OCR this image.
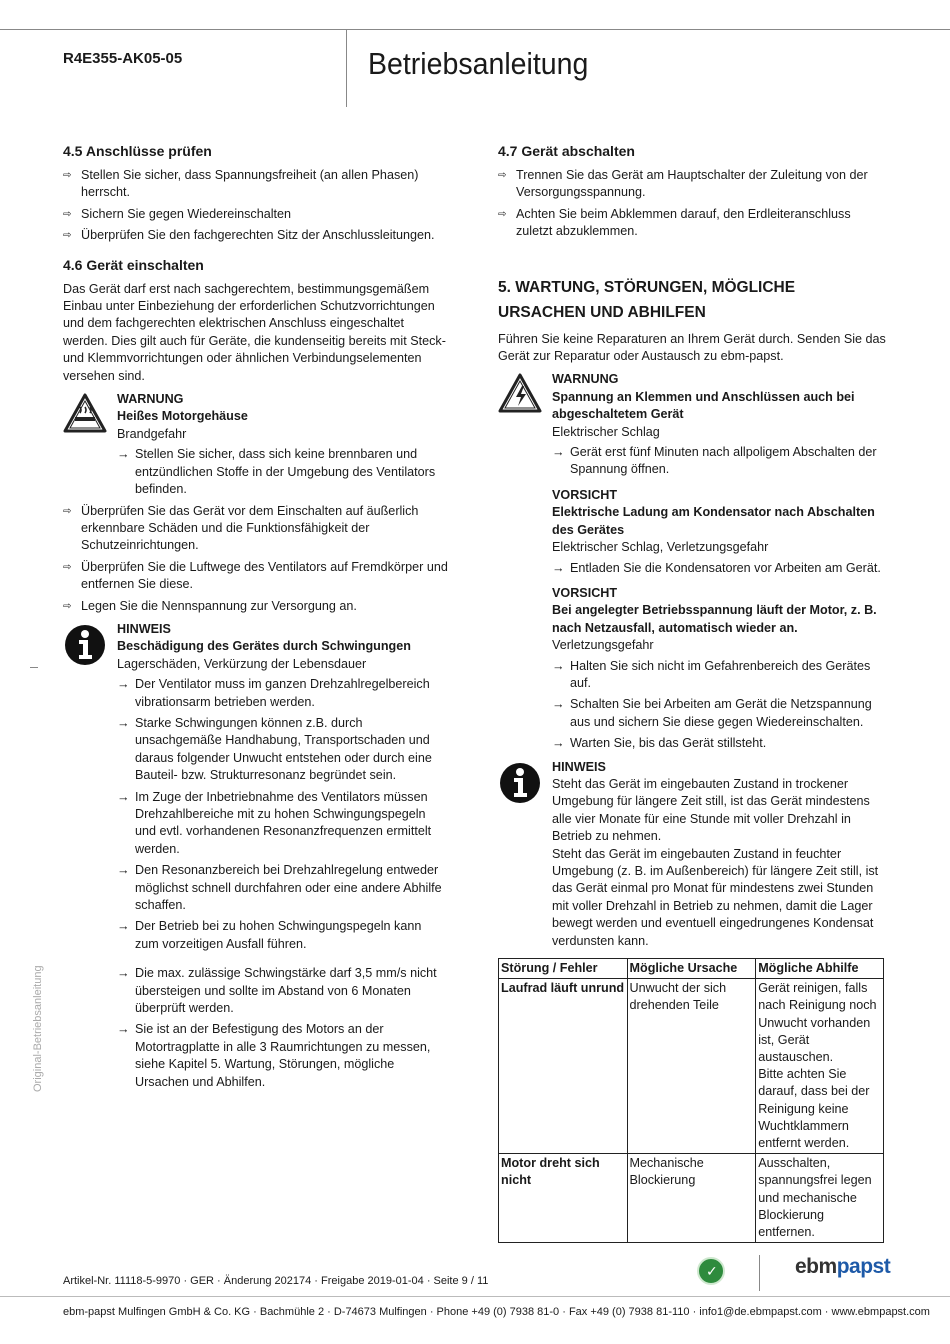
R4E355-AK05-05	Betriebsanleitung
4.5 Anschlüsse prüfen
⇨ Stellen Sie sicher, dass Spannungsfreiheit (an allen Phasen) herrscht.
⇨ Sichern Sie gegen Wiedereinschalten
⇨ Überprüfen Sie den fachgerechten Sitz der Anschlussleitungen.
4.6 Gerät einschalten

Das Gerät darf erst nach sachgerechtem, bestimmungsgemäßem Einbau unter Einbeziehung der erforderlichen Schutzvorrichtungen und dem fachgerechten elektrischen Anschluss eingeschaltet werden. Dies gilt auch für Geräte, die kundenseitig bereits mit Steck- und Klemmvorrichtungen oder ähnlichen Verbindungselementen versehen sind.

WARNUNG
Heißes Motorgehäuse
Brandgefahr
→ Stellen Sie sicher, dass sich keine brennbaren und entzündlichen Stoffe in der Umgebung des Ventilators befinden.
⇨ Überprüfen Sie das Gerät vor dem Einschalten auf äußerlich erkennbare Schäden und die Funktionsfähigkeit der Schutzeinrichtungen.
⇨ Überprüfen Sie die Luftwege des Ventilators auf Fremdkörper und entfernen Sie diese.
⇨ Legen Sie die Nennspannung zur Versorgung an.
HINWEIS
Beschädigung des Gerätes durch Schwingungen
Lagerschäden, Verkürzung der Lebensdauer
→ Der Ventilator muss im ganzen Drehzahlregelbereich vibrationsarm betrieben werden.
→ Starke Schwingungen können z.B. durch unsachgemäße Handhabung, Transportschaden und daraus folgender Unwucht entstehen oder durch eine Bauteil- bzw. Strukturresonanz begründet sein.
→ Im Zuge der Inbetriebnahme des Ventilators müssen Drehzahlbereiche mit zu hohen Schwingungspegeln und evtl. vorhandenen Resonanzfrequenzen ermittelt werden.
→ Den Resonanzbereich bei Drehzahlregelung entweder möglichst schnell durchfahren oder eine andere Abhilfe schaffen.
→ Der Betrieb bei zu hohen Schwingungspegeln kann zum vorzeitigen Ausfall führen.
→ Die max. zulässige Schwingstärke darf 3,5 mm/s nicht übersteigen und sollte im Abstand von 6 Monaten überprüft werden.
→ Sie ist an der Befestigung des Motors an der Motortragplatte in alle 3 Raumrichtungen zu messen, siehe Kapitel 5. Wartung, Störungen, mögliche Ursachen und Abhilfen.
4.7 Gerät abschalten
⇨ Trennen Sie das Gerät am Hauptschalter der Zuleitung von der Versorgungsspannung.
⇨ Achten Sie beim Abklemmen darauf, den Erdleiteranschluss zuletzt abzuklemmen.
5. WARTUNG, STÖRUNGEN, MÖGLICHE
URSACHEN UND ABHILFEN

Führen Sie keine Reparaturen an Ihrem Gerät durch. Senden Sie das Gerät zur Reparatur oder Austausch zu ebm-papst.

WARNUNG
Spannung an Klemmen und Anschlüssen auch bei abgeschaltetem Gerät
Elektrischer Schlag
→ Gerät erst fünf Minuten nach allpoligem Abschalten der Spannung öffnen.
VORSICHT
Elektrische Ladung am Kondensator nach Abschalten des Gerätes
Elektrischer Schlag, Verletzungsgefahr
→ Entladen Sie die Kondensatoren vor Arbeiten am Gerät.
VORSICHT
Bei angelegter Betriebsspannung läuft der Motor, z. B. nach Netzausfall, automatisch wieder an.
Verletzungsgefahr
→ Halten Sie sich nicht im Gefahrenbereich des Gerätes auf.
→ Schalten Sie bei Arbeiten am Gerät die Netzspannung aus und sichern Sie diese gegen Wiedereinschalten.
→ Warten Sie, bis das Gerät stillsteht.
HINWEIS
Steht das Gerät im eingebauten Zustand in trockener Umgebung für längere Zeit still, ist das Gerät mindestens alle vier Monate für eine Stunde mit voller Drehzahl in Betrieb zu nehmen.
Steht das Gerät im eingebauten Zustand in feuchter Umgebung (z. B. im Außenbereich) für längere Zeit still, ist das Gerät einmal pro Monat für mindestens zwei Stunden mit voller Drehzahl in Betrieb zu nehmen, damit die Lager bewegt werden und eventuell eingedrungenes Kondensat verdunsten kann.
Störung / Fehler	Mögliche Ursache	Mögliche Abhilfe
Laufrad läuft unrund	Unwucht der sich drehenden Teile	Gerät reinigen, falls nach Reinigung noch Unwucht vorhanden ist, Gerät austauschen.
Bitte achten Sie darauf, dass bei der Reinigung keine Wuchtklammern entfernt werden.

Motor dreht sich nicht	Mechanische Blockierung	Ausschalten, spannungsfrei legen und mechanische Blockierung entfernen.
Original-Betriebsanleitung
Artikel-Nr. 11118-5-9970 · GER · Änderung 202174 · Freigabe 2019-01-04 · Seite 9 / 11
✓
ebmpapst
ebm-papst Mulfingen GmbH & Co. KG · Bachmühle 2 · D-74673 Mulfingen · Phone +49 (0) 7938 81-0 · Fax +49 (0) 7938 81-110 · info1@de.ebmpapst.com · www.ebmpapst.com
